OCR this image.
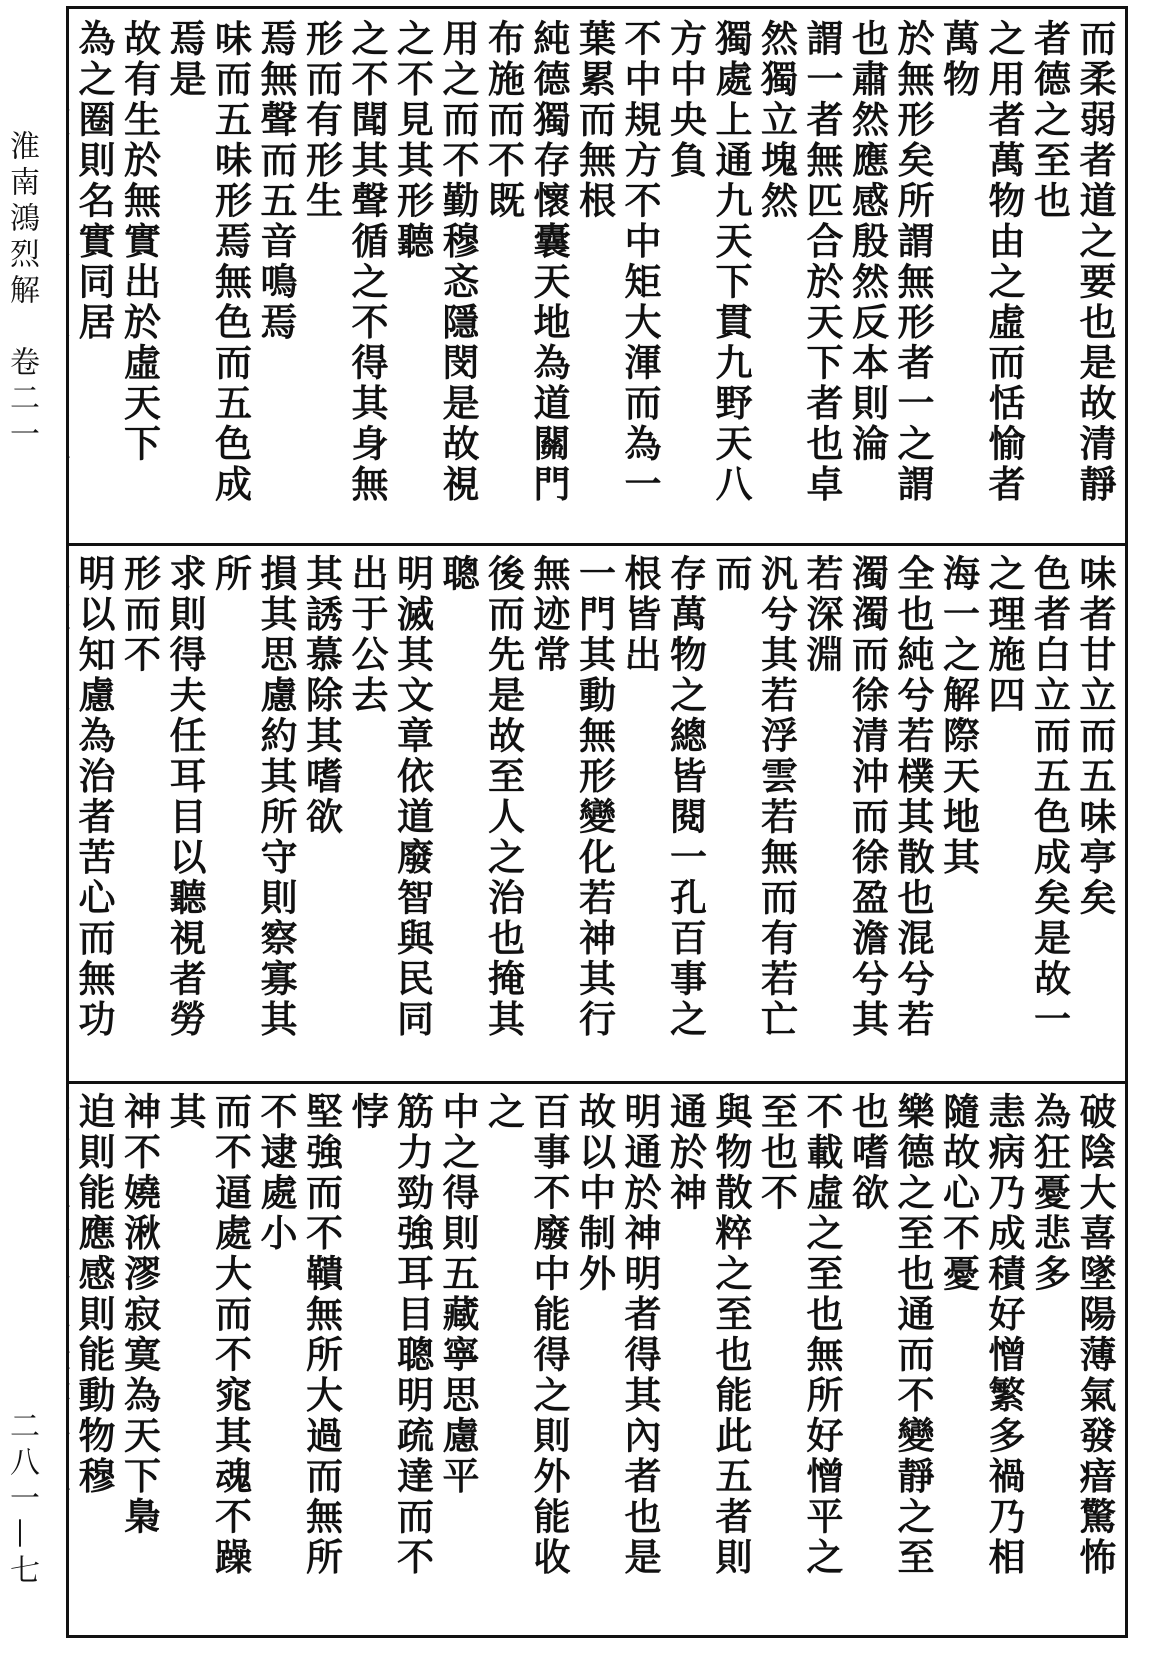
淮南鴻烈解　卷二一
二八一—七
而柔弱者道之要也是故清靜者德之至也
之用者萬物由之虛而恬愉者萬物
於無形矣所謂無形者一之謂也肅然應感殷然反本則淪
謂一者無匹合於天下者也卓然獨立塊然
獨處上通九天下貫九野天八方中央負
不中規方不中矩大渾而為一葉累而無根
純德獨存懷囊天地為道關門布施而不既
用之而不勤穆忞隱閔是故視之不見其形聽
之不聞其聲循之不得其身無形而有形生
焉無聲而五音鳴焉
味而五味形焉無色而五色成焉是
故有生於無實出於虛天下
為之圈則名實同居
味者甘立而五味亭矣
色者白立而五色成矣是故一之理施四
海一之解際天地其
全也純兮若樸其散也混兮若
濁濁而徐清沖而徐盈澹兮其若深淵
汎兮其若浮雲若無而有若亡而
存萬物之總皆閱一孔百事之根皆出
一門其動無形變化若神其行無迹常
後而先是故至人之治也掩其聰
明滅其文章依道廢智與民同出于公去
其誘慕除其嗜欲
損其思慮約其所守則察寡其所
求則得夫任耳目以聽視者勞形而不
明以知慮為治者苦心而無功
破陰大喜墜陽薄氣發瘖驚怖為狂憂悲多
恚病乃成積好憎繁多禍乃相隨故心不憂
樂德之至也通而不變靜之至也嗜欲
不載虛之至也無所好憎平之至也不
與物散粹之至也能此五者則通於神
明通於神明者得其內者也是故以中制外
百事不廢中能得之則外能收之
中之得則五藏寧思慮平
筋力勁強耳目聰明疏達而不悖
堅強而不鞼無所大過而無所不逮處小
而不逼處大而不窕其魂不躁其
神不嬈湫漻寂寞為天下梟
迫則能應感則能動物穆
